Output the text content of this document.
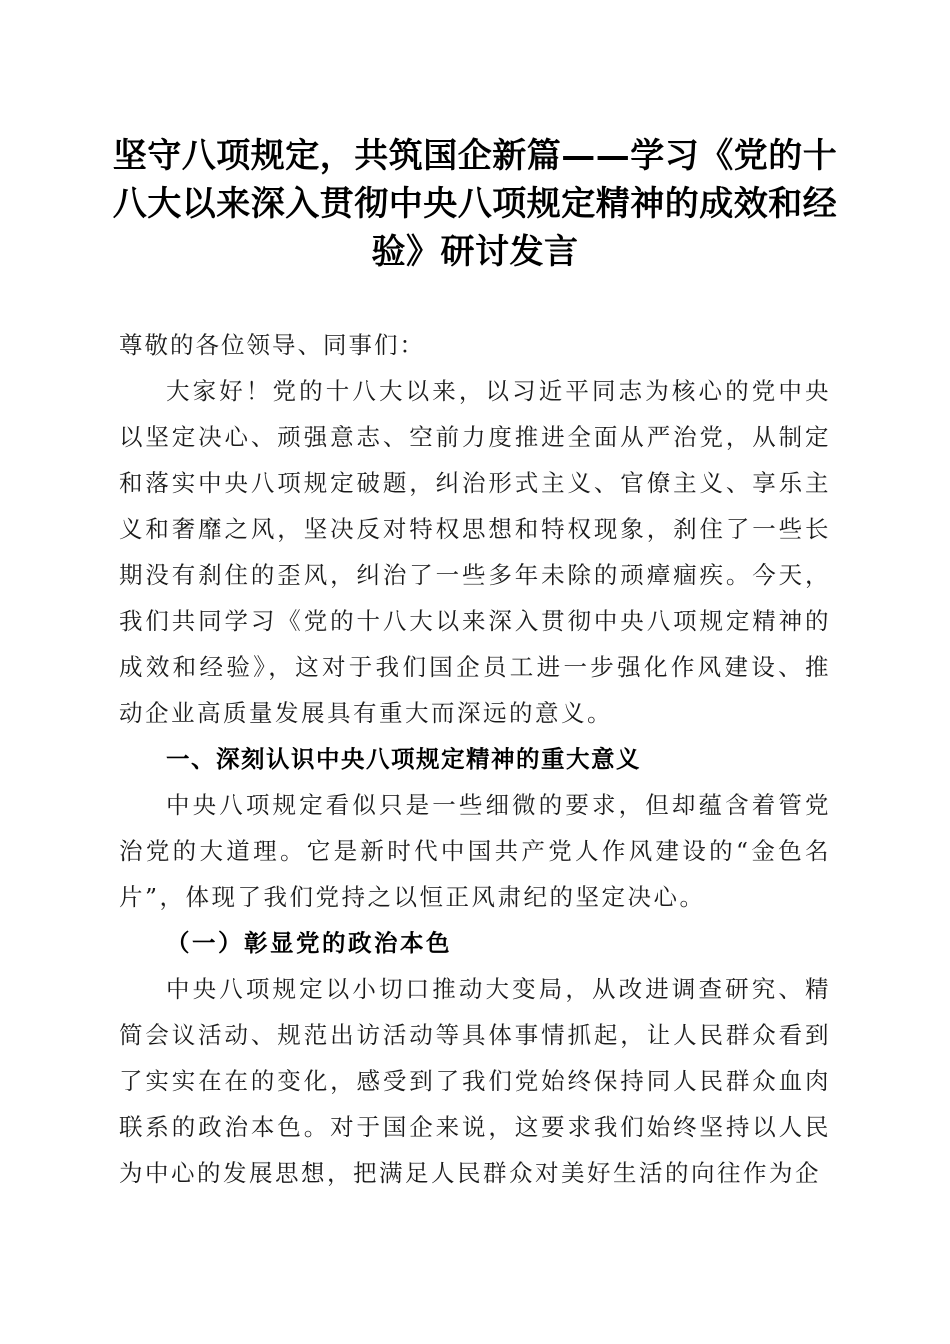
坚守八项规定，共筑国企新篇——学习《党的十八大以来深入贯彻中央八项规定精神的成效和经验》研讨发言

尊敬的各位领导、同事们：

大家好！党的十八大以来，以习近平同志为核心的党中央以坚定决心、顽强意志、空前力度推进全面从严治党，从制定和落实中央八项规定破题，纠治形式主义、官僚主义、享乐主义和奢靡之风，坚决反对特权思想和特权现象，刹住了一些长期没有刹住的歪风，纠治了一些多年未除的顽瘴痼疾。今天，我们共同学习《党的十八大以来深入贯彻中央八项规定精神的成效和经验》，这对于我们国企员工进一步强化作风建设、推动企业高质量发展具有重大而深远的意义。

一、深刻认识中央八项规定精神的重大意义

中央八项规定看似只是一些细微的要求，但却蕴含着管党治党的大道理。它是新时代中国共产党人作风建设的“金色名片”，体现了我们党持之以恒正风肃纪的坚定决心。

（一）彰显党的政治本色

中央八项规定以小切口推动大变局，从改进调查研究、精简会议活动、规范出访活动等具体事情抓起，让人民群众看到了实实在在的变化，感受到了我们党始终保持同人民群众血肉联系的政治本色。对于国企来说，这要求我们始终坚持以人民为中心的发展思想，把满足人民群众对美好生活的向往作为企
